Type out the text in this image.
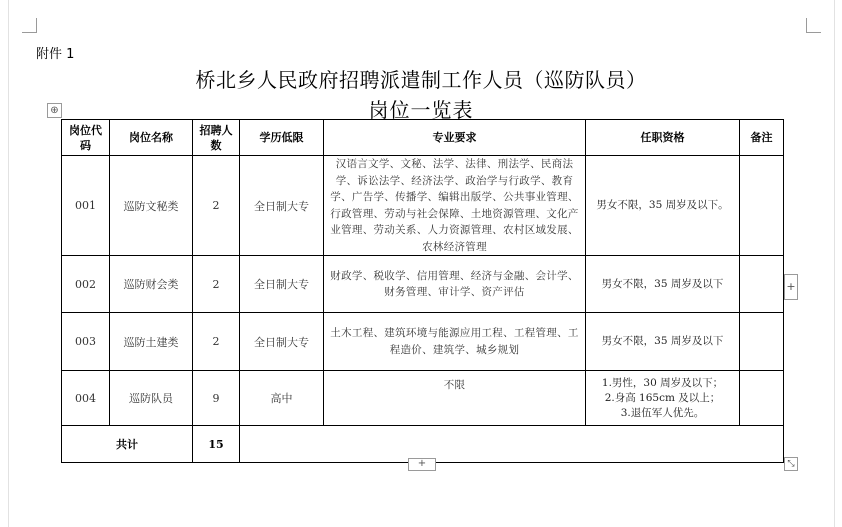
附件 1
桥北乡人民政府招聘派遣制工作人员（巡防队员）
岗位一览表
⊕
岗位代码	岗位名称	招聘人数	学历低限	专业要求	任职资格	备注
001	巡防文秘类	2	全日制大专	汉语言文学、文秘、法学、法律、刑法学、民商法学、诉讼法学、经济法学、政治学与行政学、教育学、广告学、传播学、编辑出版学、公共事业管理、行政管理、劳动与社会保障、土地资源管理、文化产业管理、劳动关系、人力资源管理、农村区域发展、农林经济管理	男女不限，35 周岁及以下。	

002	巡防财会类	2	全日制大专	财政学、税收学、信用管理、经济与金融、会计学、财务管理、审计学、资产评估	男女不限，35 周岁及以下	

003	巡防土建类	2	全日制大专	土木工程、建筑环境与能源应用工程、工程管理、工程造价、建筑学、城乡规划	男女不限，35 周岁及以下	

004	巡防队员	9	高中	不限	1.男性，30 周岁及以下；
2.身高 165cm 及以上；
3.退伍军人优先。	

共计		15				
+
+	⤡
